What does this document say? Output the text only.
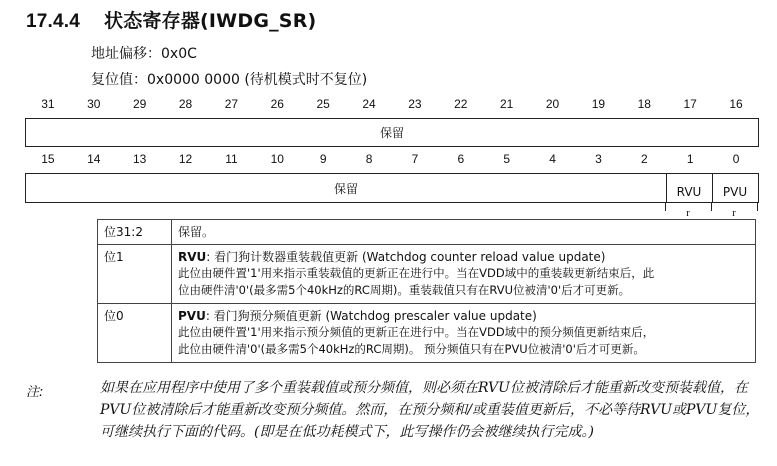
17.4.4 状态寄存器(IWDG_SR)
地址偏移：0x0C
复位值：0x0000 0000 (待机模式时不复位)
31	30	29	28	27	26	25	24	23	22	21	20	19	18	17	16
保留
15	14	13	12	11	10	9	8	7	6	5	4	3	2	1	0
保留	RVU	PVU
r	r
位31:2	保留。
位1	RVU: 看门狗计数器重装载值更新 (Watchdog counter reload value update)
此位由硬件置'1'用来指示重装载值的更新正在进行中。当在VDD域中的重装载更新结束后，此
位由硬件清'0'(最多需5个40kHz的RC周期)。重装载值只有在RVU位被清'0'后才可更新。

位0	PVU: 看门狗预分频值更新 (Watchdog prescaler value update)
此位由硬件置'1'用来指示预分频值的更新正在进行中。当在VDD域中的预分频值更新结束后，
此位由硬件清'0'(最多需5个40kHz的RC周期)。 预分频值只有在PVU位被清'0'后才可更新。
注:	如果在应用程序中使用了多个重装载值或预分频值，则必须在RVU位被清除后才能重新改变预装载值，在PVU位被清除后才能重新改变预分频值。然而，在预分频和/或重装值更新后，不必等待RVU或PVU复位，可继续执行下面的代码。(即是在低功耗模式下，此写操作仍会被继续执行完成。)
